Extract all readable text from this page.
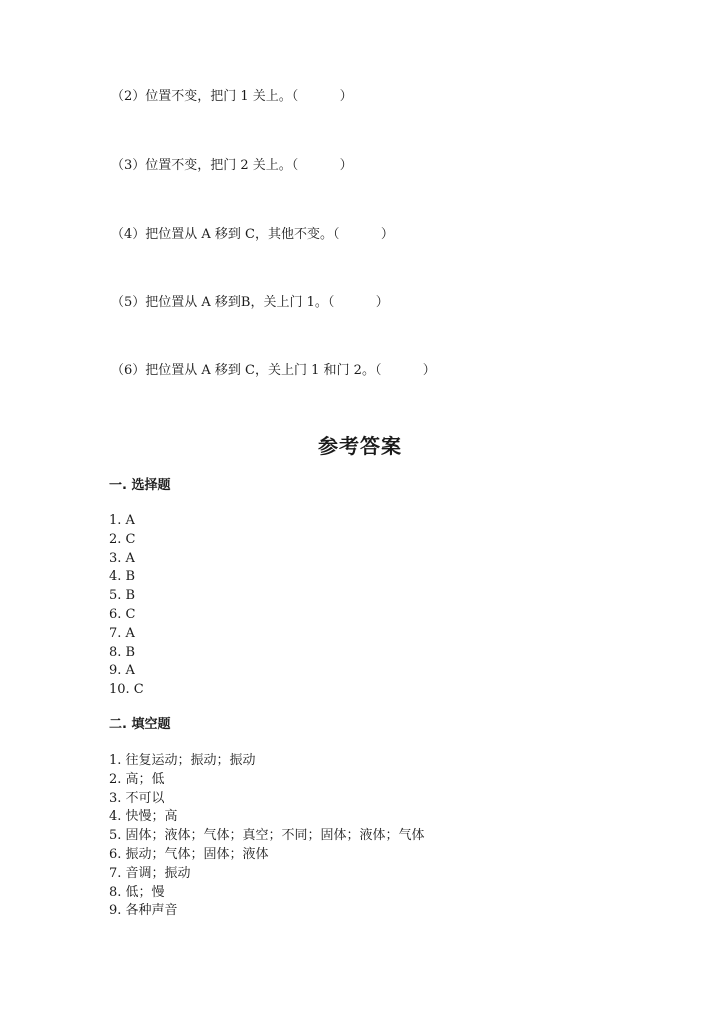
（2）位置不变，把门 1 关上。（          ）
（3）位置不变，把门 2 关上。（          ）
（4）把位置从 A 移到 C，其他不变。（          ）
（5）把位置从 A 移到B，关上门 1。（          ）
（6）把位置从 A 移到 C，关上门 1 和门 2。（          ）
参考答案
一. 选择题
1. A
2. C
3. A
4. B
5. B
6. C
7. A
8. B
9. A
10. C
二. 填空题
1. 往复运动；振动；振动
2. 高；低
3. 不可以
4. 快慢；高
5. 固体；液体；气体；真空；不同；固体；液体；气体
6. 振动；气体；固体；液体
7. 音调；振动
8. 低；慢
9. 各种声音
